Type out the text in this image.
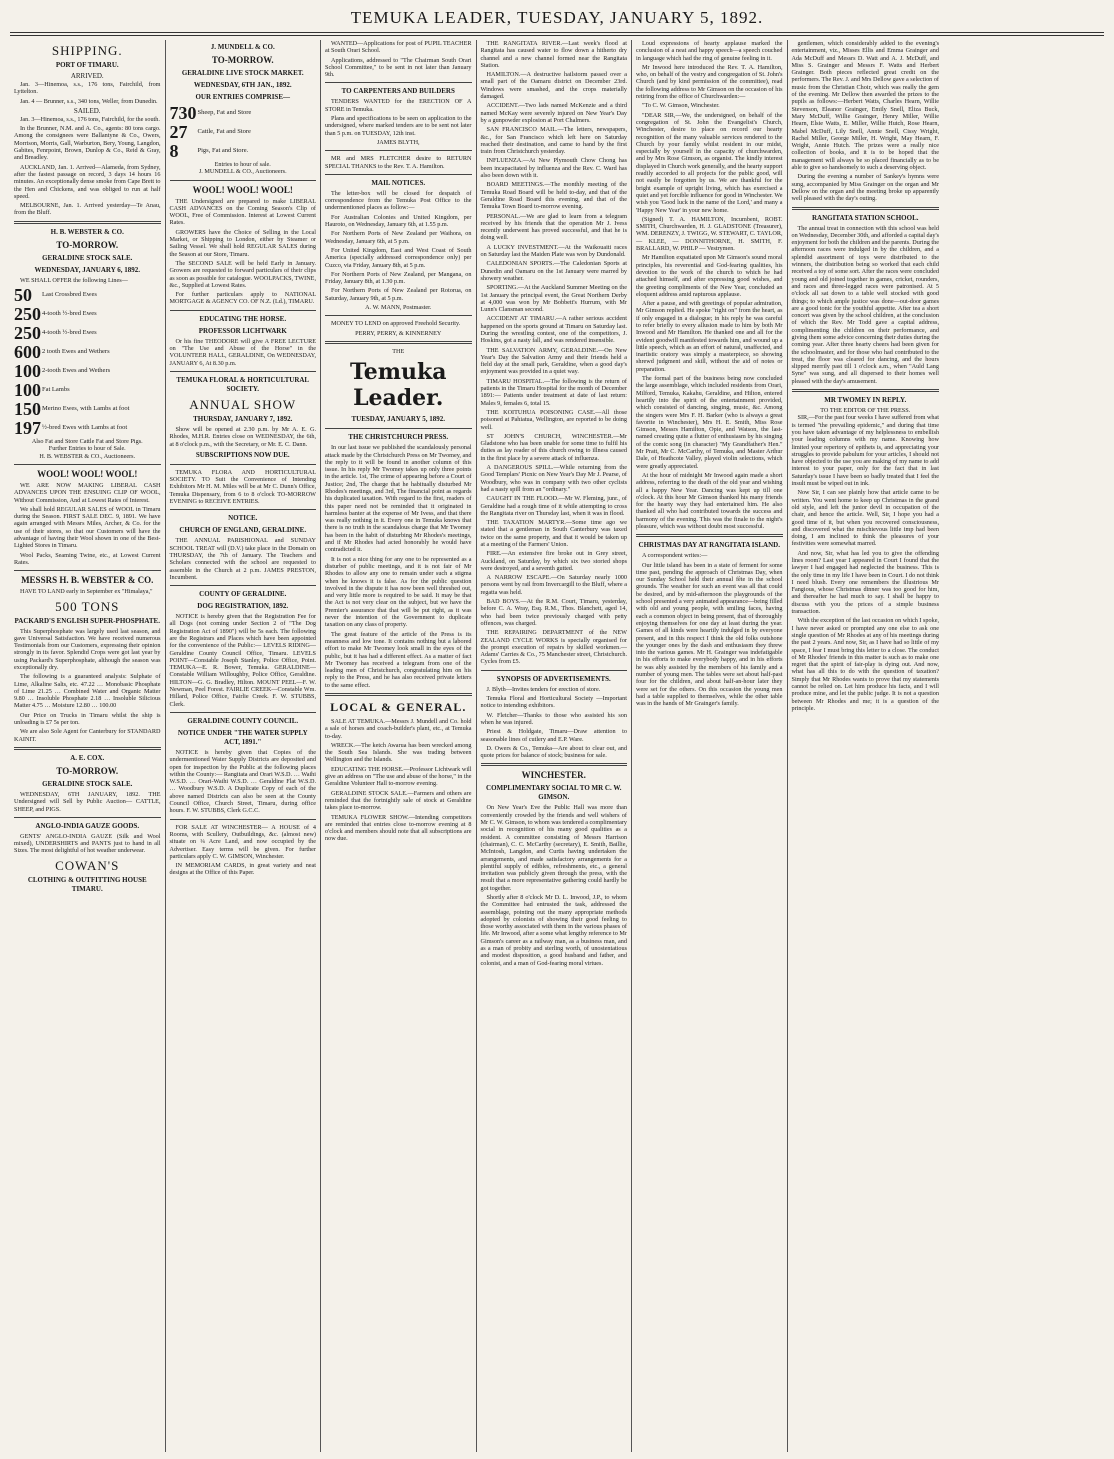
TEMUKA LEADER, TUESDAY, JANUARY 5, 1892.
SHIPPING.
PORT OF TIMARU.
ARRIVED.

Jan. 3—Hinemoa, s.s., 176 tons, Fairchild, from Lyttelton.

Jan. 4 — Brunner, s.s., 340 tons, Weller, from Dunedin.

SAILED.

Jan. 3—Hinemoa, s.s., 176 tons, Fairchild, for the south.

In the Brunner, N.M. and A. Co., agents: 80 tons cargo. Among the consignees were Ballantyne & Co., Owers, Morrison, Morris, Gall, Warburton, Bery, Young, Langdon, Gabites, Fenrpoint, Brown, Dunlop & Co., Reid & Gray, and Breadley.

AUCKLAND, Jan. 1. Arrived—Alameda, from Sydney, after the fastest passage on record, 3 days 14 hours 16 minutes. An exceptionally dense smoke from Cape Brett to the Hen and Chickens, and was obliged to run at half speed.

MELBOURNE, Jan. 1. Arrived yesterday—Te Anau, from the Bluff.

H. B. WEBSTER & CO.
TO-MORROW.
GERALDINE STOCK SALE.
WEDNESDAY, JANUARY 6, 1892.

WE SHALL OFFER the following Lines—

50	Last Crossbred Ewes
250 4-tooth ½-bred Ewes
250 4-tooth ½-bred Ewes
600 2 tooth Ewes and Wethers
100 2-tooth Ewes and Wethers
100 Fat Lambs
150 Merino Ewes, with Lambs at foot
197 ½-bred Ewes with Lambs at foot
Also Fat and Store Cattle Fat and Store Pigs.
Further Entries to hour of Sale.
H. B. WEBSTER & CO., Auctioneers.
WOOL! WOOL! WOOL!

WE ARE NOW MAKING LIBERAL CASH ADVANCES UPON THE ENSUING CLIP OF WOOL, Without Commission, And at Lowest Rates of Interest.

We shall hold REGULAR SALES of WOOL in Timaru during the Season. FIRST SALE DEC. 9, 1891. We have again arranged with Messrs Miles, Archer, & Co. for the use of their stores, so that our Customers will have the advantage of having their Wool shown in one of the Best-Lighted Stores in Timaru.

Wool Packs, Seaming Twine, etc., at Lowest Current Rates.

MESSRS H. B. WEBSTER & CO.

HAVE TO LAND early in September ex "Himalaya,"

500 TONS
PACKARD'S ENGLISH SUPER-PHOSPHATE.

This Superphosphate was largely used last season, and gave Universal Satisfaction. We have received numerous Testimonials from our Customers, expressing their opinion strongly in its favor. Splendid Crops were got last year by using Packard's Superphosphate, although the season was exceptionally dry.

The following is a guaranteed analysis: Sulphate of Lime, Alkaline Salts, etc. 47.22 … Monobasic Phosphate of Lime 21.25 … Combined Water and Organic Matter 9.80 … Insoluble Phosphate 2.18 … Insoluble Silicious Matter 4.75 … Moisture 12.80 … 100.00

Our Price on Trucks in Timaru whilst the ship is unloading is £7 5s per ton.

We are also Sole Agent for Canterbury for STANDARD KAINIT.

A. E. COX.
TO-MORROW.
GERALDINE STOCK SALE.

WEDNESDAY, 6TH JANUARY, 1892. THE Undersigned will Sell by Public Auction— CATTLE, SHEEP, and PIGS.

ANGLO-INDIA GAUZE GOODS.

GENTS' ANGLO-INDIA GAUZE (Silk and Wool mixed), UNDERSHIRTS and PANTS just to hand in all Sizes. The most delightful of hot weather underwear.

COWAN'S
CLOTHING & OUTFITTING HOUSE TIMARU.
J. MUNDELL & CO.
TO-MORROW.
GERALDINE LIVE STOCK MARKET.
WEDNESDAY, 6TH JAN., 1892.
OUR ENTRIES COMPRISE—
730 Sheep, Fat and Store
27	Cattle, Fat and Store
8	Pigs, Fat and Store.
Entries to hour of sale.
J. MUNDELL & CO., Auctioneers.
WOOL! WOOL! WOOL!

THE Undersigned are prepared to make LIBERAL CASH ADVANCES on the Coming Season's Clip of WOOL, Free of Commission. Interest at Lowest Current Rates.

GROWERS have the Choice of Selling in the Local Market, or Shipping to London, either by Steamer or Sailing Vessel. We shall hold REGULAR SALES during the Season at our Store, Timaru.

The SECOND SALE will be held Early in January. Growers are requested to forward particulars of their clips as soon as possible for catalogue. WOOLPACKS, TWINE, &c., Supplied at Lowest Rates.

For further particulars apply to NATIONAL MORTGAGE & AGENCY CO. OF N.Z. (Ld.), TIMARU.

EDUCATING THE HORSE.
PROFESSOR LICHTWARK

Or his fine THEODORE will give A FREE LECTURE on "The Use and Abuse of the Horse" in the VOLUNTEER HALL, GERALDINE, On WEDNESDAY, JANUARY 6, At 8.30 p.m.

TEMUKA FLORAL & HORTICULTURAL SOCIETY.
ANNUAL SHOW
THURSDAY, JANUARY 7, 1892.

Show will be opened at 2.30 p.m. by Mr A. E. G. Rhodes, M.H.R. Entries close on WEDNESDAY, the 6th, at 8 o'clock p.m., with the Secretary, or Mr. E. C. Dann.

SUBSCRIPTIONS NOW DUE.

TEMUKA FLORA AND HORTICULTURAL SOCIETY. TO Suit the Convenience of Intending Exhibitors Mr H. M. Miles will be at Mr C. Dunn's Office, Temuka Dispensary, from 6 to 8 o'clock TO-MORROW EVENING to RECEIVE ENTRIES.

NOTICE.
CHURCH OF ENGLAND, GERALDINE.

THE ANNUAL PARISHIONAL and SUNDAY SCHOOL TREAT will (D.V.) take place in the Domain on THURSDAY, the 7th of January. The Teachers and Scholars connected with the school are requested to assemble in the Church at 2 p.m. JAMES PRESTON, Incumbent.

COUNTY OF GERALDINE.
DOG REGISTRATION, 1892.

NOTICE is hereby given that the Registration Fee for all Dogs (not coming under Section 2 of "The Dog Registration Act of 1890") will be 5s each. The following are the Registrars and Places which have been appointed for the convenience of the Public:— LEVELS RIDING—Geraldine County Council Office, Timaru. LEVELS POINT—Constable Joseph Stanley, Police Office, Point. TEMUKA—E. R. Bower, Temuka. GERALDINE—Constable William Willoughby, Police Office, Geraldine. HILTON—G. G. Bradley, Hilton. MOUNT PEEL—F. W. Newman, Peel Forest. FAIRLIE CREEK—Constable Wm. Hillard, Police Office, Fairlie Creek. F. W. STUBBS, Clerk.

GERALDINE COUNTY COUNCIL.
NOTICE UNDER "THE WATER SUPPLY ACT, 1891."

NOTICE is hereby given that Copies of the undermentioned Water Supply Districts are deposited and open for inspection by the Public at the following places within the County:— Rangitata and Orari W.S.D. … Waihi W.S.D. … Orari-Waihi W.S.D. … Geraldine Flat W.S.D. … Woodbury W.S.D. A Duplicate Copy of each of the above named Districts can also be seen at the County Council Office, Church Street, Timaru, during office hours. F. W. STUBBS, Clerk G.C.C.

FOR SALE AT WINCHESTER— A HOUSE of 4 Rooms, with Scullery, Outbuildings, &c. (almost new) situate on ¼ Acre Land, and now occupied by the Advertiser. Easy terms will be given. For further particulars apply C. W. GIMSON, Winchester.

IN MEMORIAM CARDS, in great variety and neat designs at the Office of this Paper.

WANTED—Applications for post of PUPIL TEACHER at South Orari School.

Applications, addressed to "The Chairman South Orari School Committee," to be sent in not later than January 9th.

TO CARPENTERS AND BUILDERS

TENDERS WANTED for the ERECTION OF A STORE in Temuka.

Plans and specifications to be seen on application to the undersigned, where marked tenders are to be sent not later than 5 p.m. on TUESDAY, 12th inst.

JAMES BLYTH,

MR and MRS FLETCHER desire to RETURN SPECIAL THANKS to the Rev. T. A. Hamilton.

MAIL NOTICES.

The letter-box will be closed for despatch of correspondence from the Temuka Post Office to the undermentioned places as follow:—

For Australian Colonies and United Kingdom, per Hauroto, on Wednesday, January 6th, at 1.55 p.m.

For Northern Ports of New Zealand per Waihora, on Wednesday, January 6th, at 5 p.m.

For United Kingdom, East and West Coast of South America (specially addressed correspondence only) per Cuzco, via Friday, January 8th, at 5 p.m.

For Northern Ports of New Zealand, per Mangana, on Friday, January 8th, at 1.30 p.m.

For Northern Ports of New Zealand per Rotorua, on Saturday, January 9th, at 5 p.m.

A. W. MANN, Postmaster.

MONEY TO LEND on approved Freehold Security.

PERRY, PERRY, & KINNERNEY
THE
Temuka Leader.
TUESDAY, JANUARY 5, 1892.
THE CHRISTCHURCH PRESS.

In our last issue we published the scandalously personal attack made by the Christchurch Press on Mr Twomey, and the reply to it will be found in another column of this issue. In his reply Mr Twomey takes up only three points in the article. 1st, The crime of appearing before a Court of Justice; 2nd, The charge that he habitually disturbed Mr Rhodes's meetings, and 3rd, The financial point as regards his duplicated taxation. With regard to the first, readers of this paper need not be reminded that it originated in harmless banter at the expense of Mr Ivess, and that there was really nothing in it. Every one in Temuka knows that there is no truth in the scandalous charge that Mr Twomey has been in the habit of disturbing Mr Rhodes's meetings, and if Mr Rhodes had acted honorably he would have contradicted it.

It is not a nice thing for any one to be represented as a disturber of public meetings, and it is not fair of Mr Rhodes to allow any one to remain under such a stigma when he knows it is false. As for the public question involved in the dispute it has now been well threshed out, and very little more is required to be said. It may be that the Act is not very clear on the subject, but we have the Premier's assurance that that will be put right, as it was never the intention of the Government to duplicate taxation on any class of property.

The great feature of the article of the Press is its meanness and low tone. It contains nothing but a labored effort to make Mr Twomey look small in the eyes of the public, but it has had a different effect. As a matter of fact Mr Twomey has received a telegram from one of the leading men of Christchurch, congratulating him on his reply to the Press, and he has also received private letters to the same effect.

LOCAL & GENERAL.

SALE AT TEMUKA.—Messrs J. Mundell and Co. hold a sale of horses and coach-builder's plant, etc., at Temuka to-day.

WRECK.—The ketch Awarua has been wrecked among the South Sea Islands. She was trading between Wellington and the Islands.

EDUCATING THE HORSE.—Professor Lichtwark will give an address on "The use and abuse of the horse," in the Geraldine Volunteer Hall to-morrow evening.

GERALDINE STOCK SALE.—Farmers and others are reminded that the fortnightly sale of stock at Geraldine takes place to-morrow.

TEMUKA FLOWER SHOW.—Intending competitors are reminded that entries close to-morrow evening at 8 o'clock and members should note that all subscriptions are now due.

THE RANGITATA RIVER.—Last week's flood at Rangitata has caused water to flow down a hitherto dry channel and a new channel formed near the Rangitata Station.

HAMILTON.—A destructive hailstorm passed over a small part of the Oamaru district on December 23rd. Windows were smashed, and the crops materially damaged.

ACCIDENT.—Two lads named McKenzie and a third named McKay were severely injured on New Year's Day by a gunpowder explosion at Port Chalmers.

SAN FRANCISCO MAIL.—The letters, newspapers, &c., for San Francisco which left here on Saturday reached their destination, and came to hand by the first train from Christchurch yesterday.

INFLUENZA.—At New Plymouth Chow Chong has been incapacitated by influenza and the Rev. C. Ward has also been down with it.

BOARD MEETINGS.—The monthly meeting of the Temuka Road Board will be held to-day, and that of the Geraldine Road Board this evening, and that of the Temuka Town Board to-morrow evening.

PERSONAL.—We are glad to learn from a telegram received by his friends that the operation Mr J. Ivess recently underwent has proved successful, and that he is doing well.

A LUCKY INVESTMENT.—At the Waikouaiti races on Saturday last the Maiden Plate was won by Dundonald.

CALEDONIAN SPORTS.—The Caledonian Sports at Dunedin and Oamaru on the 1st January were marred by showery weather.

SPORTING.—At the Auckland Summer Meeting on the 1st January the principal event, the Great Northern Derby at 4,000 was won by Mr Bobbett's Hurrum, with Mr Lunn's Clansman second.

ACCIDENT AT TIMARU.—A rather serious accident happened on the sports ground at Timaru on Saturday last. During the wrestling contest, one of the competitors, J. Hoskins, got a nasty fall, and was rendered insensible.

THE SALVATION ARMY, GERALDINE.—On New Year's Day the Salvation Army and their friends held a field day at the small park, Geraldine, when a good day's enjoyment was provided in a quiet way.

TIMARU HOSPITAL.—The following is the return of patients in the Timaru Hospital for the month of December 1891:— Patients under treatment at date of last return: Males 9, females 6, total 15.

THE KOITUHUA POISONING CASE.—All those poisoned at Pahiatua, Wellington, are reported to be doing well.

ST JOHN'S CHURCH, WINCHESTER.—Mr Gladstone who has been unable for some time to fulfil his duties as lay reader of this church owing to illness caused in the first place by a severe attack of influenza.

A DANGEROUS SPILL.—While returning from the Good Templars' Picnic on New Year's Day Mr J. Pearse, of Woodbury, who was in company with two other cyclists had a nasty spill from an "ordinary."

CAUGHT IN THE FLOOD.—Mr W. Fleming, junr., of Geraldine had a rough time of it while attempting to cross the Rangitata river on Thursday last, when it was in flood.

THE TAXATION MARTYR.—Some time ago we stated that a gentleman in South Canterbury was taxed twice on the same property, and that it would be taken up at a meeting of the Farmers' Union.

FIRE.—An extensive fire broke out in Grey street, Auckland, on Saturday, by which six two storied shops were destroyed, and a seventh gutted.

A NARROW ESCAPE.—On Saturday nearly 1000 persons went by rail from Invercargill to the Bluff, where a regatta was held.

BAD BOYS.—At the R.M. Court, Timaru, yesterday, before C. A. Wray, Esq. R.M., Thos. Blanchett, aged 14, who had been twice previously charged with petty offences, was charged.

THE REPAIRING DEPARTMENT of the NEW ZEALAND CYCLE WORKS is specially organised for the prompt execution of repairs by skilled workmen.—Adams' Carries & Co., 75 Manchester street, Christchurch. Cycles from £5.

SYNOPSIS OF ADVERTISEMENTS.

J. Blyth—Invites tenders for erection of store.

Temuka Floral and Horticultural Society —Important notice to intending exhibitors.

W. Fletcher—Thanks to those who assisted his son when he was injured.

Priest & Holdgate, Timaru—Draw attention to seasonable lines of cutlery and E.P. Ware.

D. Owers & Co., Temuka—Are about to clear out, and quote prices for balance of stock; business for sale.

WINCHESTER.
COMPLIMENTARY SOCIAL TO MR C. W. GIMSON.

On New Year's Eve the Public Hall was more than conveniently crowded by the friends and well wishers of Mr C. W. Gimson, to whom was tendered a complimentary social in recognition of his many good qualities as a resident. A committee consisting of Messrs Harrison (chairman), C. C. McCarthy (secretary), E. Smith, Baillie, McIntosh, Langdon, and Curtis having undertaken the arrangements, and made satisfactory arrangements for a plentiful supply of edibles, refreshments, etc., a general invitation was publicly given through the press, with the result that a more representative gathering could hardly be got together.

Shortly after 8 o'clock Mr D. L. Inwood, J.P., to whom the Committee had entrusted the task, addressed the assemblage, pointing out the many appropriate methods adopted by colonists of showing their good feeling to those worthy associated with them in the various phases of life. Mr Inwood, after a some what lengthy reference to Mr Gimson's career as a railway man, as a business man, and as a man of probity and sterling worth, of unostentatious and modest disposition, a good husband and father, and colonist, and a man of God-fearing moral virtues.

Loud expressions of hearty applause marked the conclusion of a neat and happy speech—a speech couched in language which had the ring of genuine feeling in it.

Mr Inwood here introduced the Rev. T. A. Hamilton, who, on behalf of the vestry and congregation of St. John's Church (and by kind permission of the committee), read the following address to Mr Gimson on the occasion of his retiring from the office of Churchwarden:—

"To C. W. Gimson, Winchester.

"DEAR SIR,—We, the undersigned, on behalf of the congregation of St. John the Evangelist's Church, Winchester, desire to place on record our hearty recognition of the many valuable services rendered to the Church by your family whilst resident in our midst, especially by yourself in the capacity of churchwarden, and by Mrs Rose Gimson, as organist. The kindly interest displayed in Church work generally, and the hearty support readily accorded to all projects for the public good, will not easily be forgotten by us. We are thankful for the bright example of upright living, which has exercised a quiet and yet forcible influence for good in Winchester. We wish you 'Good luck in the name of the Lord,' and many a 'Happy New Year' in your new home.

(Signed) T. A. HAMILTON, Incumbent, ROBT. SMITH, Churchwarden, H. J. GLADSTONE (Treasurer), WM. DERENZY, J. TWIGG, W. STEWART, C. TAYLOR, — KLEE, — DONNITHORNE, H. SMITH, F. BRALLARD, W. PHILP — Vestrymen.

Mr Hamilton expatiated upon Mr Gimson's sound moral principles, his reverential and God-fearing qualities, his devotion to the work of the church to which he had attached himself, and after expressing good wishes, and the greeting compliments of the New Year, concluded an eloquent address amid rapturous applause.

After a pause, and with greetings of popular admiration, Mr Gimson replied. He spoke "right on" from the heart, as if only engaged in a dialogue; in his reply he was careful to refer briefly to every allusion made to him by both Mr Inwood and Mr Hamilton. He thanked one and all for the evident goodwill manifested towards him, and wound up a little speech, which as an effort of natural, unaffected, and inartistic oratory was simply a masterpiece, so showing shrewd judgment and skill, without the aid of notes or preparation.

The formal part of the business being now concluded the large assemblage, which included residents from Orari, Milford, Temuka, Kakahu, Geraldine, and Hilton, entered heartily into the spirit of the entertainment provided, which consisted of dancing, singing, music, &c. Among the singers were Mrs F. H. Barker (who is always a great favorite in Winchester), Mrs H. E. Smith, Miss Rose Gimson, Messrs Hamilton, Opie, and Watson, the last-named creating quite a flutter of enthusiasm by his singing of the comic song (in character) "My Grandfather's Hen." Mr Pratt, Mr C. McCarthy, of Temuka, and Master Arthur Dale, of Heathcote Valley, played violin selections, which were greatly appreciated.

At the hour of midnight Mr Inwood again made a short address, referring to the death of the old year and wishing all a happy New Year. Dancing was kept up till one o'clock. At this hour Mr Gimson thanked his many friends for the hearty way they had entertained him. He also thanked all who had contributed towards the success and harmony of the evening. This was the finale to the night's pleasure, which was without doubt most successful.

CHRISTMAS DAY AT RANGITATA ISLAND.

A correspondent writes:—

Our little island has been in a state of ferment for some time past, pending the approach of Christmas Day, when our Sunday School held their annual fête in the school grounds. The weather for such an event was all that could be desired, and by mid-afternoon the playgrounds of the school presented a very animated appearance—being filled with old and young people, with smiling faces, having each a common object in being present, that of thoroughly enjoying themselves for one day at least during the year. Games of all kinds were heartily indulged in by everyone present, and in this respect I think the old folks outshone the younger ones by the dash and enthusiasm they threw into the various games. Mr H. Grainger was indefatigable in his efforts to make everybody happy, and in his efforts he was ably assisted by the members of his family and a number of young men. The tables were set about half-past four for the children, and about half-an-hour later they were set for the others. On this occasion the young men had a table supplied to themselves, while the other table was in the hands of Mr Grainger's family.

gentlemen, which considerably added to the evening's entertainment, viz., Misses Ellis and Emma Grainger and Ada McDuff and Messrs D. Watt and A. J. McDuff, and Miss S. Grainger and Messrs F. Watts and Herbert Grainger. Both pieces reflected great credit on the performers. The Rev. J. and Mrs Dellow gave a selection of music from the Christian Choir, which was really the gem of the evening. Mr Dellow then awarded the prizes to the pupils as follows:—Herbert Watts, Charles Hearn, Willie Stevenson, Eleanor Grainger, Emily Snell, Eliza Buck, Mary McDuff, Willie Grainger, Henry Miller, Willie Hearn, Elsie Watts, E. Miller, Willie Hutch, Rose Hearn, Mabel McDuff, Lily Snell, Annie Snell, Cissy Wright, Rachel Miller, George Miller, H. Wright, May Hearn, F. Wright, Annie Hutch. The prizes were a really nice collection of books, and it is to be hoped that the management will always be so placed financially as to be able to give so handsomely to such a deserving object.

During the evening a number of Sankey's hymns were sung, accompanied by Miss Grainger on the organ and Mr Dellow on the organ and the meeting broke up apparently well pleased with the day's outing.

RANGITATA STATION SCHOOL.

The annual treat in connection with this school was held on Wednesday, December 30th, and afforded a capital day's enjoyment for both the children and the parents. During the afternoon races were indulged in by the children, and a splendid assortment of toys were distributed to the winners, the distribution being so worked that each child received a toy of some sort. After the races were concluded young and old joined together in games, cricket, rounders, and races and three-legged races were patronised. At 5 o'clock all sat down to a table well stocked with good things; to which ample justice was done—out-door games are a good tonic for the youthful appetite. After tea a short concert was given by the school children, at the conclusion of which the Rev. Mr Todd gave a capital address, complimenting the children on their performance, and giving them some advice concerning their duties during the coming year. After three hearty cheers had been given for the schoolmaster, and for those who had contributed to the treat, the floor was cleared for dancing, and the hours slipped merrily past till 1 o'clock a.m., when "Auld Lang Syne" was sung, and all dispersed to their homes well pleased with the day's amusement.

MR TWOMEY IN REPLY.
TO THE EDITOR OF THE PRESS.

SIR,—For the past four weeks I have suffered from what is termed "the prevailing epidemic," and during that time you have taken advantage of my helplessness to embellish your leading columns with my name. Knowing how limited your repertory of epithets is, and appreciating your struggles to provide pabulum for your articles, I should not have objected to the use you are making of my name to add interest to your paper, only for the fact that in last Saturday's issue I have been so badly treated that I feel the insult must be wiped out in ink.

Now Sir, I can see plainly how that article came to be written. You went home to keep up Christmas in the grand old style, and left the junior devil in occupation of the chair, and hence the article. Well, Sir, I hope you had a good time of it, but when you recovered consciousness, and discovered what the mischievous little imp had been doing, I am inclined to think the pleasures of your festivities were somewhat marred.

And now, Sir, what has led you to give the offending lines room? Last year I appeared in Court I found that the lawyer I had engaged had neglected the business. This is the only time in my life I have been in Court. I do not think I need blush. Every one remembers the illustrious Mr Fangious, whose Christmas dinner was too good for him, and thereafter he had much to say. I shall be happy to discuss with you the prices of a simple business transaction.

With the exception of the last occasion on which I spoke, I have never asked or prompted any one else to ask one single question of Mr Rhodes at any of his meetings during the past 2 years. And now, Sir, as I have had so little of my space, I fear I must bring this letter to a close. The conduct of Mr Rhodes' friends in this matter is such as to make one regret that the spirit of fair-play is dying out. And now, what has all this to do with the question of taxation? Simply that Mr Rhodes wants to prove that my statements cannot be relied on. Let him produce his facts, and I will produce mine, and let the public judge. It is not a question between Mr Rhodes and me; it is a question of the principle.
